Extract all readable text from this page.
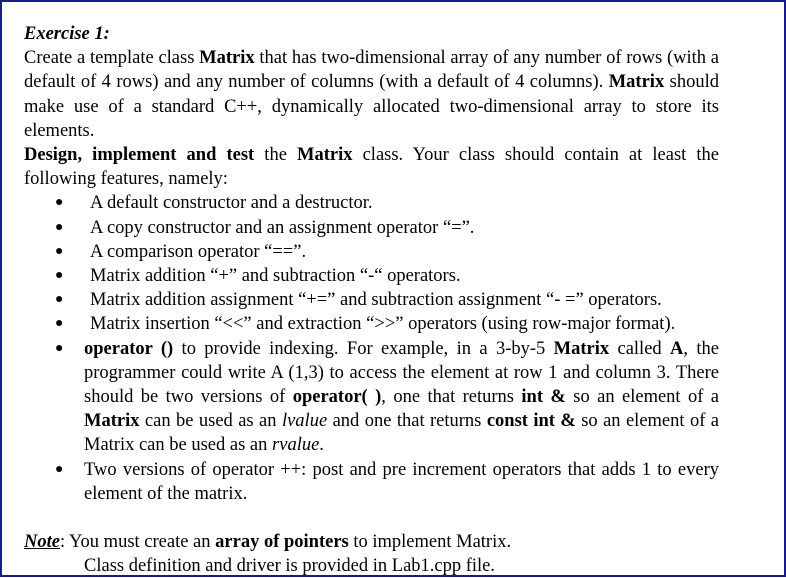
Exercise 1:

Create a template class Matrix that has two-dimensional array of any number of rows (with a default of 4 rows) and any number of columns (with a default of 4 columns). Matrix should make use of a standard C++, dynamically allocated two-dimensional array to store its elements.

Design, implement and test the Matrix class. Your class should contain at least the following features, namely:

●	A default constructor and a destructor.
●	A copy constructor and an assignment operator “=”.
●	A comparison operator “==”.
●	Matrix addition “+” and subtraction “-“ operators.
●	Matrix addition assignment “+=” and subtraction assignment “- =” operators.
●	Matrix insertion “<<” and extraction “>>” operators (using row-major format).
●	operator () to provide indexing. For example, in a 3-by-5 Matrix called A, the programmer could write A (1,3) to access the element at row 1 and column 3. There should be two versions of operator( ), one that returns int & so an element of a Matrix can be used as an lvalue and one that returns const int & so an element of a Matrix can be used as an rvalue.
●	Two versions of operator ++: post and pre increment operators that adds 1 to every element of the matrix.

Note: You must create an array of pointers to implement Matrix.

Class definition and driver is provided in Lab1.cpp file.
